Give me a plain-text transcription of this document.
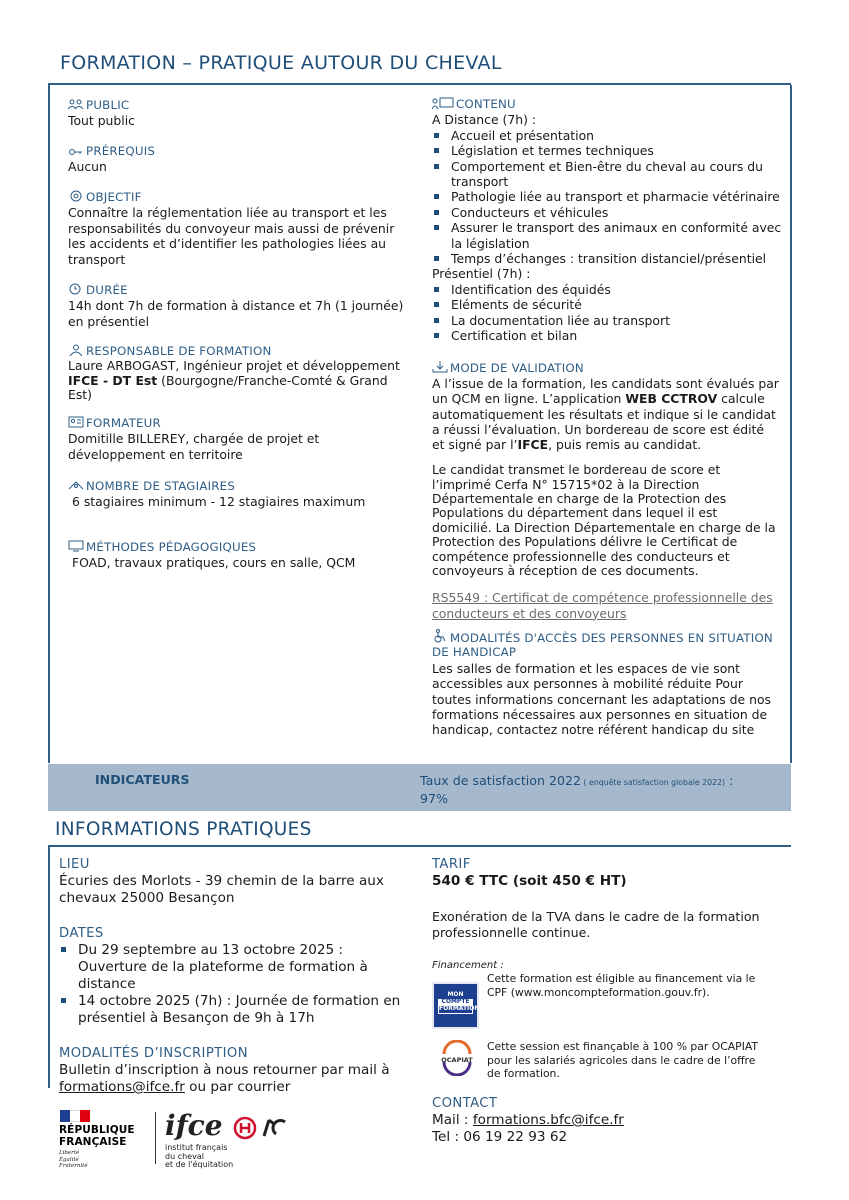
FORMATION – PRATIQUE AUTOUR DU CHEVAL
PUBLIC
Tout public
PRÉREQUIS
Aucun
OBJECTIF
Connaître la réglementation liée au transport et les responsabilités du convoyeur mais aussi de prévenir les accidents et d’identifier les pathologies liées au transport
DURÉE
14h dont 7h de formation à distance et 7h (1 journée) en présentiel
RESPONSABLE DE FORMATION
Laure ARBOGAST, Ingénieur projet et développement IFCE - DT Est (Bourgogne/Franche-Comté & Grand Est)
FORMATEUR
Domitille BILLEREY, chargée de projet et développement en territoire
NOMBRE DE STAGIAIRES
6 stagiaires minimum - 12 stagiaires maximum
MÉTHODES PÉDAGOGIQUES
FOAD, travaux pratiques, cours en salle, QCM
CONTENU
A Distance (7h) :
Accueil et présentation
Législation et termes techniques
Comportement et Bien-être du cheval au cours du transport
Pathologie liée au transport et pharmacie vétérinaire
Conducteurs et véhicules
Assurer le transport des animaux en conformité avec la législation
Temps d’échanges : transition distanciel/présentiel
Présentiel (7h) :
Identification des équidés
Eléments de sécurité
La documentation liée au transport
Certification et bilan
MODE DE VALIDATION
A l’issue de la formation, les candidats sont évalués par un QCM en ligne. L’application WEB CCTROV calcule automatiquement les résultats et indique si le candidat a réussi l’évaluation. Un bordereau de score est édité et signé par l’IFCE, puis remis au candidat.
Le candidat transmet le bordereau de score et l’imprimé Cerfa N° 15715*02 à la Direction Départementale en charge de la Protection des Populations du département dans lequel il est domicilié. La Direction Départementale en charge de la Protection des Populations délivre le Certificat de compétence professionnelle des conducteurs et convoyeurs à réception de ces documents.
RS5549 : Certificat de compétence professionnelle des conducteurs et des convoyeurs
MODALITÉS D'ACCÈS DES PERSONNES EN SITUATION DE HANDICAP
Les salles de formation et les espaces de vie sont accessibles aux personnes à mobilité réduite Pour toutes informations concernant les adaptations de nos formations nécessaires aux personnes en situation de handicap, contactez notre référent handicap du site
INDICATEURS	Taux de satisfaction 2022 ( enquête satisfaction globale 2022) : 97%
INFORMATIONS PRATIQUES
LIEU
Écuries des Morlots - 39 chemin de la barre aux chevaux 25000 Besançon
DATES
Du 29 septembre au 13 octobre 2025 : Ouverture de la plateforme de formation à distance
14 octobre 2025 (7h) : Journée de formation en présentiel à Besançon de 9h à 17h
MODALITÉS D’INSCRIPTION
Bulletin d’inscription à nous retourner par mail à formations@ifce.fr ou par courrier
TARIF
540 € TTC (soit 450 € HT)
Exonération de la TVA dans le cadre de la formation professionnelle continue.
Financement :
MON
COMPTE
FORMATION
Cette formation est éligible au financement via le CPF (www.moncompteformation.gouv.fr).
OCAPIAT
Cette session est finançable à 100 % par OCAPIAT pour les salariés agricoles dans le cadre de l’offre de formation.
CONTACT
Mail : formations.bfc@ifce.fr
Tel : 06 19 22 93 62
RÉPUBLIQUE
FRANÇAISE
Liberté
Égalité
Fraternité
ifce
institut français
du cheval
et de l'équitation
